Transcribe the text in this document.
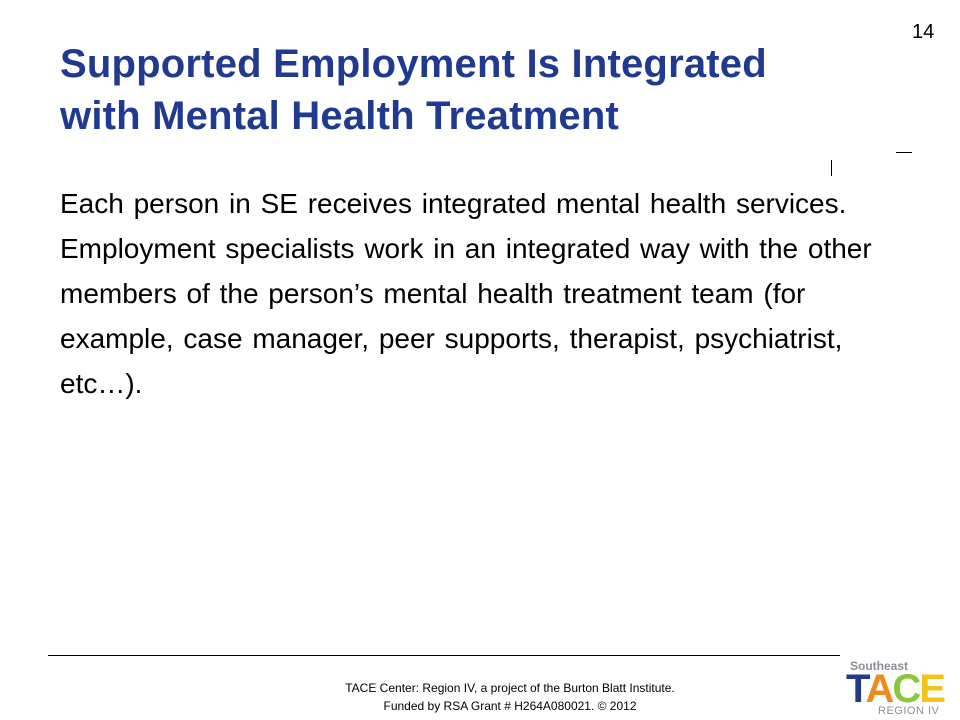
14
Supported Employment Is Integrated
with Mental Health Treatment
Each person in SE receives integrated mental health services. Employment specialists work in an integrated way with the other members of the person’s mental health treatment team (for example, case manager, peer supports, therapist, psychiatrist, etc…).
TACE Center: Region IV, a project of the Burton Blatt Institute.
Funded by RSA Grant # H264A080021. © 2012
Southeast
TACE
REGION IV
